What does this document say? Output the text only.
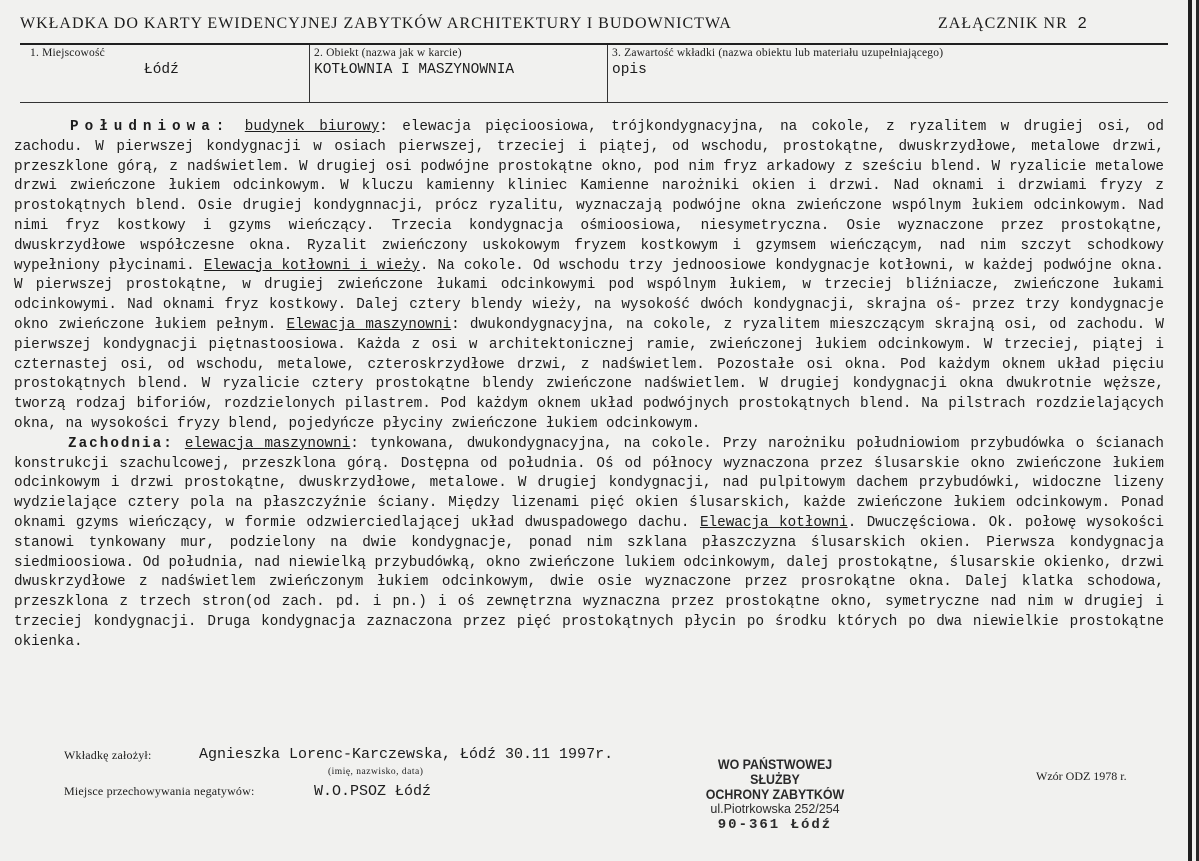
WKŁADKA DO KARTY EWIDENCYJNEJ ZABYTKÓW ARCHITEKTURY I BUDOWNICTWA	ZAŁĄCZNIK NR 2
1. Miejscowość
Łódź
2. Obiekt (nazwa jak w karcie)
KOTŁOWNIA I MASZYNOWNIA
3. Zawartość wkładki (nazwa obiektu lub materiału uzupełniającego)
opis
Południowa: budynek biurowy: elewacja pięcioosiowa, trójkondygnacyjna, na cokole, z ryzalitem w drugiej osi, od zachodu. W pierwszej kondygnacji w osiach pierwszej, trzeciej i piątej, od wschodu, prostokątne, dwuskrzydłowe, metalowe drzwi, przeszklone górą, z nadświetlem. W drugiej osi podwójne prostokątne okno, pod nim fryz arkadowy z sześciu blend. W ryzalicie metalowe drzwi zwieńczone łukiem odcinkowym. W kluczu kamienny kliniec Kamienne narożniki okien i drzwi. Nad oknami i drzwiami fryzy z prostokątnych blend. Osie drugiej kondygnnacji, prócz ryzalitu, wyznaczają podwójne okna zwieńczone wspólnym łukiem odcinkowym. Nad nimi fryz kostkowy i gzyms wieńczący. Trzecia kondygnacja ośmioosiowa, niesymetryczna. Osie wyznaczone przez prostokątne, dwuskrzydłowe współczesne okna. Ryzalit zwieńczony uskokowym fryzem kostkowym i gzymsem wieńczącym, nad nim szczyt schodkowy wypełniony płycinami. Elewacja kotłowni i wieży. Na cokole. Od wschodu trzy jednoosiowe kondygnacje kotłowni, w każdej podwójne okna. W pierwszej prostokątne, w drugiej zwieńczone łukami odcinkowymi pod wspólnym łukiem, w trzeciej bliźniacze, zwieńczone łukami odcinkowymi. Nad oknami fryz kostkowy. Dalej cztery blendy wieży, na wysokość dwóch kondygnacji, skrajna oś- przez trzy kondygnacje okno zwieńczone łukiem pełnym. Elewacja maszynowni: dwukondygnacyjna, na cokole, z ryzalitem mieszczącym skrajną osi, od zachodu. W pierwszej kondygnacji piętnastoosiowa. Każda z osi w architektonicznej ramie, zwieńczonej łukiem odcinkowym. W trzeciej, piątej i czternastej osi, od wschodu, metalowe, czteroskrzydłowe drzwi, z nadświetlem. Pozostałe osi okna. Pod każdym oknem układ pięciu prostokątnych blend. W ryzalicie cztery prostokątne blendy zwieńczone nadświetlem. W drugiej kondygnacji okna dwukrotnie węższe, tworzą rodzaj biforiów, rozdzielonych pilastrem. Pod każdym oknem układ podwójnych prostokątnych blend. Na pilstrach rozdzielających okna, na wysokości fryzy blend, pojedyńcze płyciny zwieńczone łukiem odcinkowym.
Zachodnia: elewacja maszynowni: tynkowana, dwukondygnacyjna, na cokole. Przy narożniku południowiom przybudówka o ścianach konstrukcji szachulcowej, przeszklona górą. Dostępna od południa. Oś od północy wyznaczona przez ślusarskie okno zwieńczone łukiem odcinkowym i drzwi prostokątne, dwuskrzydłowe, metalowe. W drugiej kondygnacji, nad pulpitowym dachem przybudówki, widoczne lizeny wydzielające cztery pola na płaszczyźnie ściany. Między lizenami pięć okien ślusarskich, każde zwieńczone łukiem odcinkowym. Ponad oknami gzyms wieńczący, w formie odzwierciedlającej układ dwuspadowego dachu. Elewacja kotłowni. Dwuczęściowa. Ok. połowę wysokości stanowi tynkowany mur, podzielony na dwie kondygnacje, ponad nim szklana płaszczyzna ślusarskich okien. Pierwsza kondygnacja siedmioosiowa. Od południa, nad niewielką przybudówką, okno zwieńczone lukiem odcinkowym, dalej prostokątne, ślusarskie okienko, drzwi dwuskrzydłowe z nadświetlem zwieńczonym łukiem odcinkowym, dwie osie wyznaczone przez prosrokątne okna. Dalej klatka schodowa, przeszklona z trzech stron(od zach. pd. i pn.) i oś zewnętrzna wyznaczna przez prostokątne okno, symetryczne nad nim w drugiej i trzeciej kondygnacji. Druga kondygnacja zaznaczona przez pięć prostokątnych płycin po środku których po dwa niewielkie prostokątne okienka.
Wkładkę założył:	Agnieszka Lorenc-Karczewska, Łódź 30.11 1997r.
(imię, nazwisko, data)
Miejsce przechowywania negatywów:	W.O.PSOZ Łódź
WO PAŃSTWOWEJ SŁUŻBY
OCHRONY ZABYTKÓW
ul.Piotrkowska 252/254
90-361 Łódź
Wzór ODZ 1978 r.
